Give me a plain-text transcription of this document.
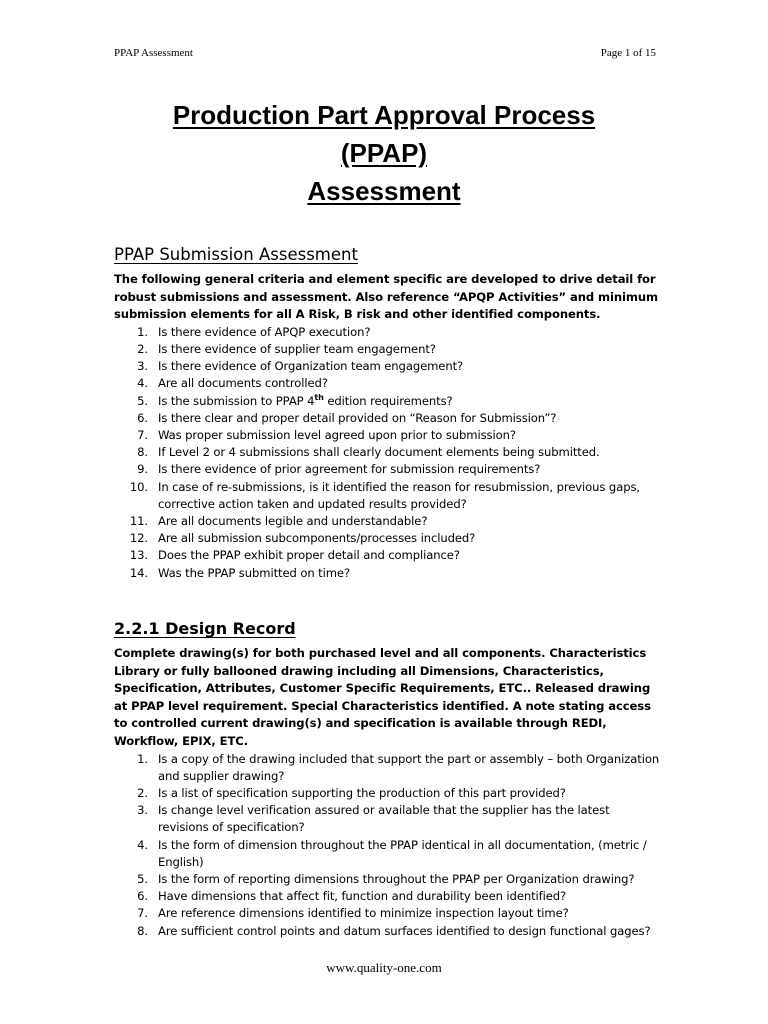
PPAP Assessment	Page 1 of 15
Production Part Approval Process
(PPAP)
Assessment
PPAP Submission Assessment

The following general criteria and element specific are developed to drive detail for robust submissions and assessment. Also reference “APQP Activities” and minimum submission elements for all A Risk, B risk and other identified components.

1. Is there evidence of APQP execution?
2. Is there evidence of supplier team engagement?
3. Is there evidence of Organization team engagement?
4. Are all documents controlled?
5. Is the submission to PPAP 4th edition requirements?
6. Is there clear and proper detail provided on “Reason for Submission”?
7. Was proper submission level agreed upon prior to submission?
8. If Level 2 or 4 submissions shall clearly document elements being submitted.
9. Is there evidence of prior agreement for submission requirements?
10. In case of re-submissions, is it identified the reason for resubmission, previous gaps, corrective action taken and updated results provided?
11. Are all documents legible and understandable?
12. Are all submission subcomponents/processes included?
13. Does the PPAP exhibit proper detail and compliance?
14. Was the PPAP submitted on time?
2.2.1 Design Record

Complete drawing(s) for both purchased level and all components. Characteristics Library or fully ballooned drawing including all Dimensions, Characteristics, Specification, Attributes, Customer Specific Requirements, ETC.. Released drawing at PPAP level requirement. Special Characteristics identified. A note stating access to controlled current drawing(s) and specification is available through REDI, Workflow, EPIX, ETC.

1. Is a copy of the drawing included that support the part or assembly – both Organization and supplier drawing?
2. Is a list of specification supporting the production of this part provided?
3. Is change level verification assured or available that the supplier has the latest revisions of specification?
4. Is the form of dimension throughout the PPAP identical in all documentation, (metric / English)
5. Is the form of reporting dimensions throughout the PPAP per Organization drawing?
6. Have dimensions that affect fit, function and durability been identified?
7. Are reference dimensions identified to minimize inspection layout time?
8. Are sufficient control points and datum surfaces identified to design functional gages?
www.quality-one.com
